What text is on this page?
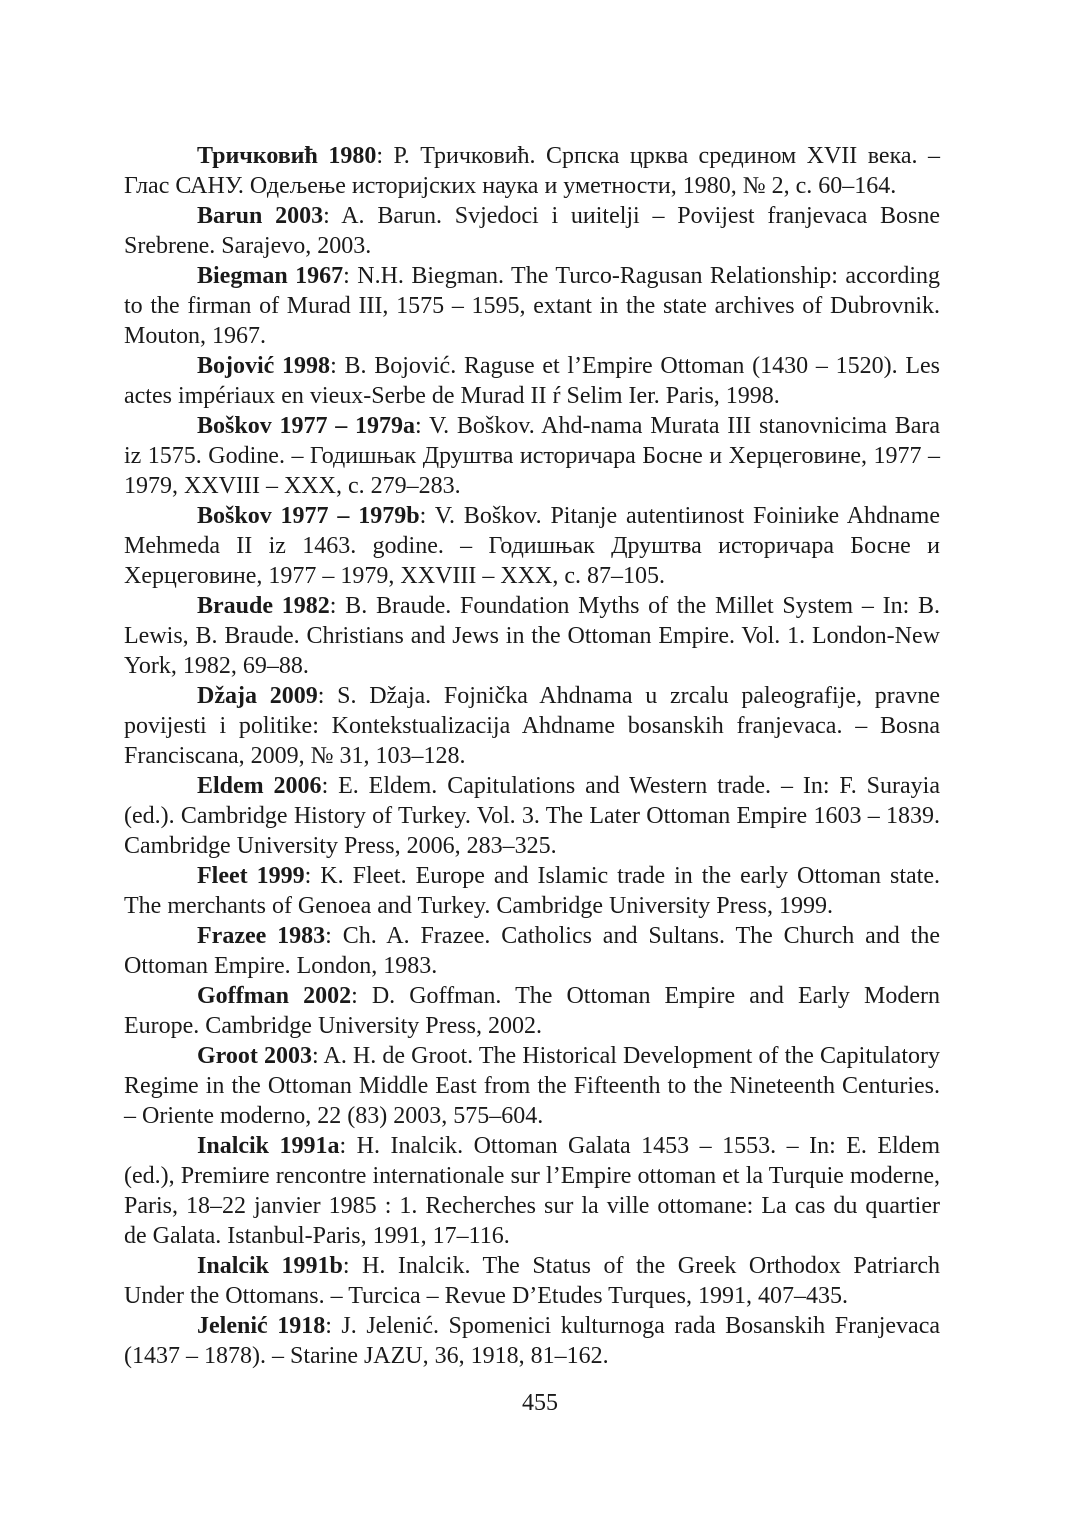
Тричковић 1980: Р. Тричковић. Српска црква средином XVII века. – Глас САНУ. Одељење историјских наука и уметности, 1980, № 2, с. 60–164.

Barun 2003: A. Barun. Svjedoci i uиitelji – Povijest franjevaca Bosne Srebrene. Sarajevo, 2003.

Biegman 1967: N.H. Biegman. The Turco-Ragusan Relationship: according to the firman of Murad III, 1575 – 1595, extant in the state archives of Dubrovnik. Mouton, 1967.

Bojović 1998: B. Bojović. Raguse et l’Empire Ottoman (1430 – 1520). Les actes impériaux en vieux-Serbe de Murad II ŕ Selim Ier. Paris, 1998.

Boškov 1977 – 1979a: V. Boškov. Ahd-nama Murata III stanovnicima Bara iz 1575. Godine. – Годишњак Друштва историчара Босне и Херцеговине, 1977 – 1979, XXVIII – XXX, с. 279–283.

Boškov 1977 – 1979b: V. Boškov. Pitanje autentiиnost Foiniиke Ahdname Mehmeda II iz 1463. godine. – Годишњак Друштва историчара Босне и Херцеговине, 1977 – 1979, XXVIII – XXX, с. 87–105.

Braude 1982: B. Braude. Foundation Myths of the Millet System – In: B. Lewis, B. Braude. Christians and Jews in the Ottoman Empire. Vol. 1. London-New York, 1982, 69–88.

Džaja 2009: S. Džaja. Fojnička Ahdnama u zrcalu paleografije, pravne povijesti i politike: Kontekstualizacija Ahdname bosanskih franjevaca. – Bosna Franciscana, 2009, № 31, 103–128.

Eldem 2006: E. Eldem. Capitulations and Western trade. – In: F. Surayia (ed.). Cambridge History of Turkey. Vol. 3. The Later Ottoman Empire 1603 – 1839. Cambridge University Press, 2006, 283–325.

Fleet 1999: K. Fleet. Europe and Islamic trade in the early Ottoman state. The merchants of Genoea and Turkey. Cambridge University Press, 1999.

Frazee 1983: Ch. A. Frazee. Catholics and Sultans. The Church and the Ottoman Empire. London, 1983.

Goffman 2002: D. Goffman. The Ottoman Empire and Early Modern Europe. Cambridge University Press, 2002.

Groot 2003: A. H. de Groot. The Historical Development of the Capitulatory Regime in the Ottoman Middle East from the Fifteenth to the Nineteenth Centuries. – Oriente moderno, 22 (83) 2003, 575–604.

Inalcik 1991a: H. Inalcik. Ottoman Galata 1453 – 1553. – In: E. Eldem (ed.), Premiиre rencontre internationale sur l’Empire ottoman et la Turquie moderne, Paris, 18–22 janvier 1985 : 1. Recherches sur la ville ottomane: La cas du quartier de Galata. Istanbul-Paris, 1991, 17–116.

Inalcik 1991b: H. Inalcik. The Status of the Greek Orthodox Patriarch Under the Ottomans. – Turcica – Revue D’Etudes Turques, 1991, 407–435.

Jelenić 1918: J. Jelenić. Spomenici kulturnoga rada Bosanskih Franjevaca (1437 – 1878). – Starine JAZU, 36, 1918, 81–162.

455
